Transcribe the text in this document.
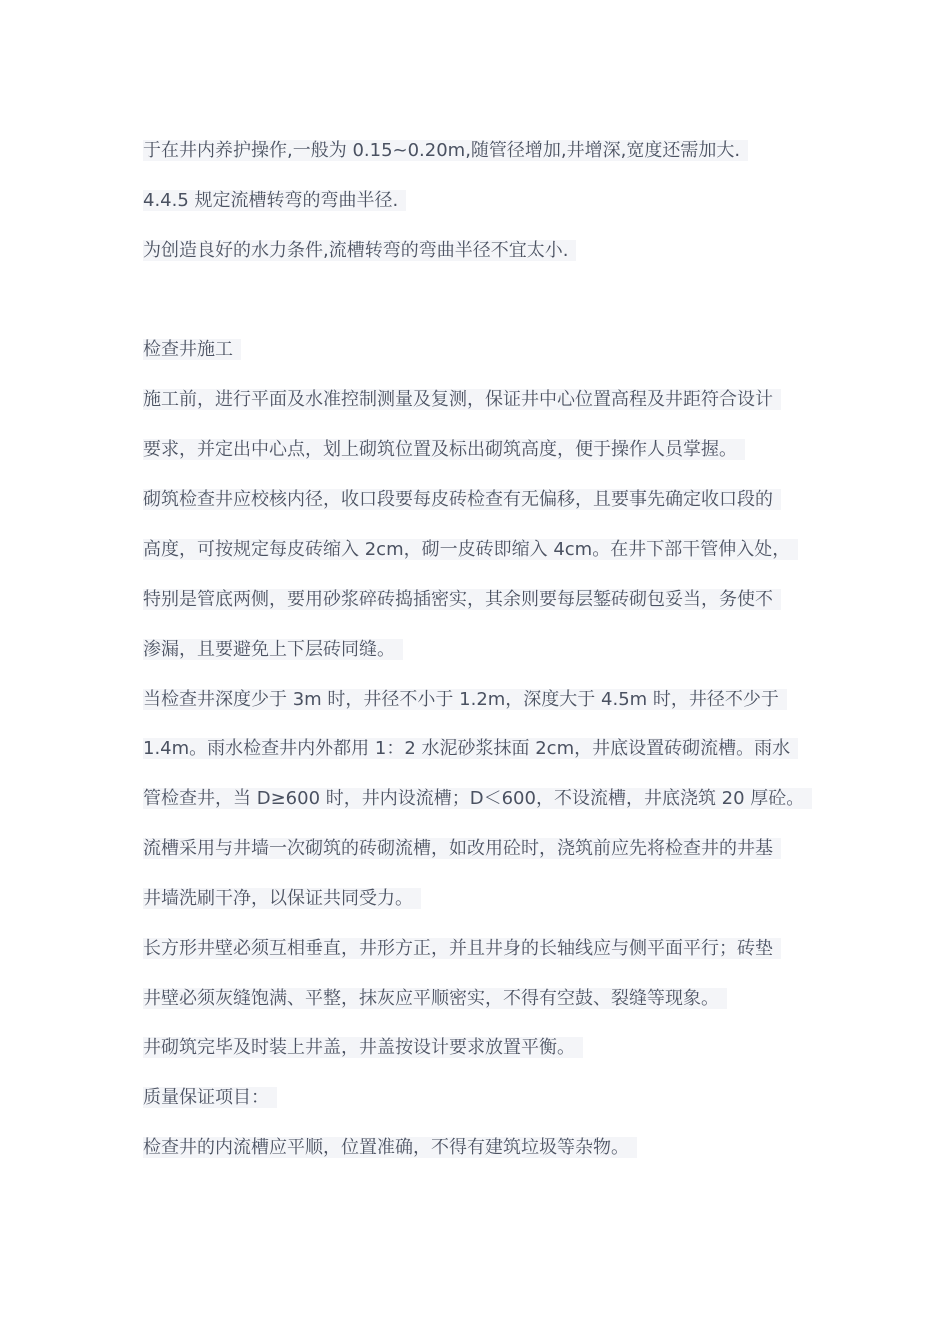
于在井内养护操作,一般为 0.15~0.20m,随管径增加,井增深,宽度还需加大.
4.4.5 规定流槽转弯的弯曲半径.
为创造良好的水力条件,流槽转弯的弯曲半径不宜太小.
检查井施工
施工前，进行平面及水准控制测量及复测，保证井中心位置高程及井距符合设计
要求，并定出中心点，划上砌筑位置及标出砌筑高度，便于操作人员掌握。
砌筑检查井应校核内径，收口段要每皮砖检查有无偏移，且要事先确定收口段的
高度，可按规定每皮砖缩入 2cm，砌一皮砖即缩入 4cm。在井下部干管伸入处，
特别是管底两侧，要用砂浆碎砖捣插密实，其余则要每层錾砖砌包妥当，务使不
渗漏，且要避免上下层砖同缝。
当检查井深度少于 3m 时，井径不小于 1.2m，深度大于 4.5m 时，井径不少于
1.4m。雨水检查井内外都用 1：2 水泥砂浆抹面 2cm，井底设置砖砌流槽。雨水
管检查井，当 D≥600 时，井内设流槽；D＜600，不设流槽，井底浇筑 20 厚砼。
流槽采用与井墙一次砌筑的砖砌流槽，如改用砼时，浇筑前应先将检查井的井基
井墙洗刷干净，以保证共同受力。
长方形井壁必须互相垂直，井形方正，并且井身的长轴线应与侧平面平行；砖垫
井壁必须灰缝饱满、平整，抹灰应平顺密实，不得有空鼓、裂缝等现象。
井砌筑完毕及时装上井盖，井盖按设计要求放置平衡。
质量保证项目：
检查井的内流槽应平顺，位置准确，不得有建筑垃圾等杂物。
